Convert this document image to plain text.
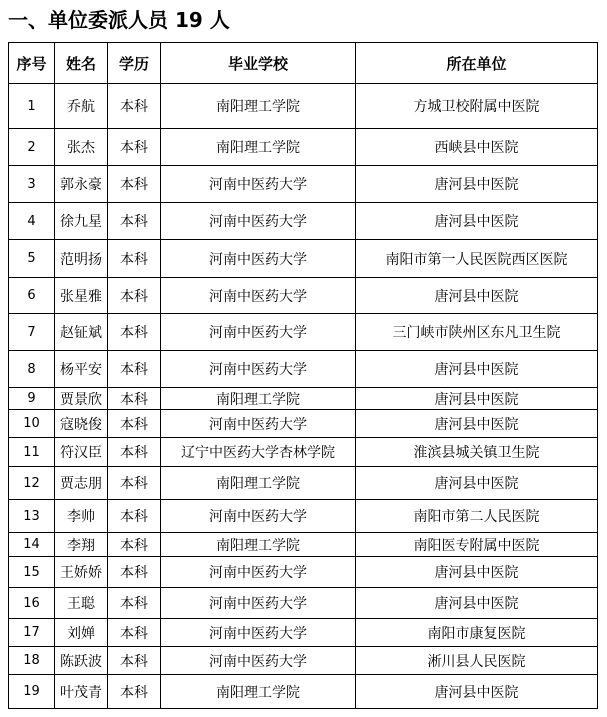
一、单位委派人员 19 人
序号	姓名	学历	毕业学校	所在单位
1	乔航	本科	南阳理工学院	方城卫校附属中医院
2	张杰	本科	南阳理工学院	西峡县中医院
3	郭永豪	本科	河南中医药大学	唐河县中医院
4	徐九星	本科	河南中医药大学	唐河县中医院
5	范明扬	本科	河南中医药大学	南阳市第一人民医院西区医院
6	张星雅	本科	河南中医药大学	唐河县中医院
7	赵钲斌	本科	河南中医药大学	三门峡市陕州区东凡卫生院
8	杨平安	本科	河南中医药大学	唐河县中医院
9	贾景欣	本科	南阳理工学院	唐河县中医院
10	寇晓俊	本科	河南中医药大学	唐河县中医院
11	符汉臣	本科	辽宁中医药大学杏林学院	淮滨县城关镇卫生院
12	贾志朋	本科	南阳理工学院	唐河县中医院
13	李帅	本科	河南中医药大学	南阳市第二人民医院
14	李翔	本科	南阳理工学院	南阳医专附属中医院
15	王娇娇	本科	河南中医药大学	唐河县中医院
16	王聪	本科	河南中医药大学	唐河县中医院
17	刘婵	本科	河南中医药大学	南阳市康复医院
18	陈跃波	本科	河南中医药大学	淅川县人民医院
19	叶茂青	本科	南阳理工学院	唐河县中医院
